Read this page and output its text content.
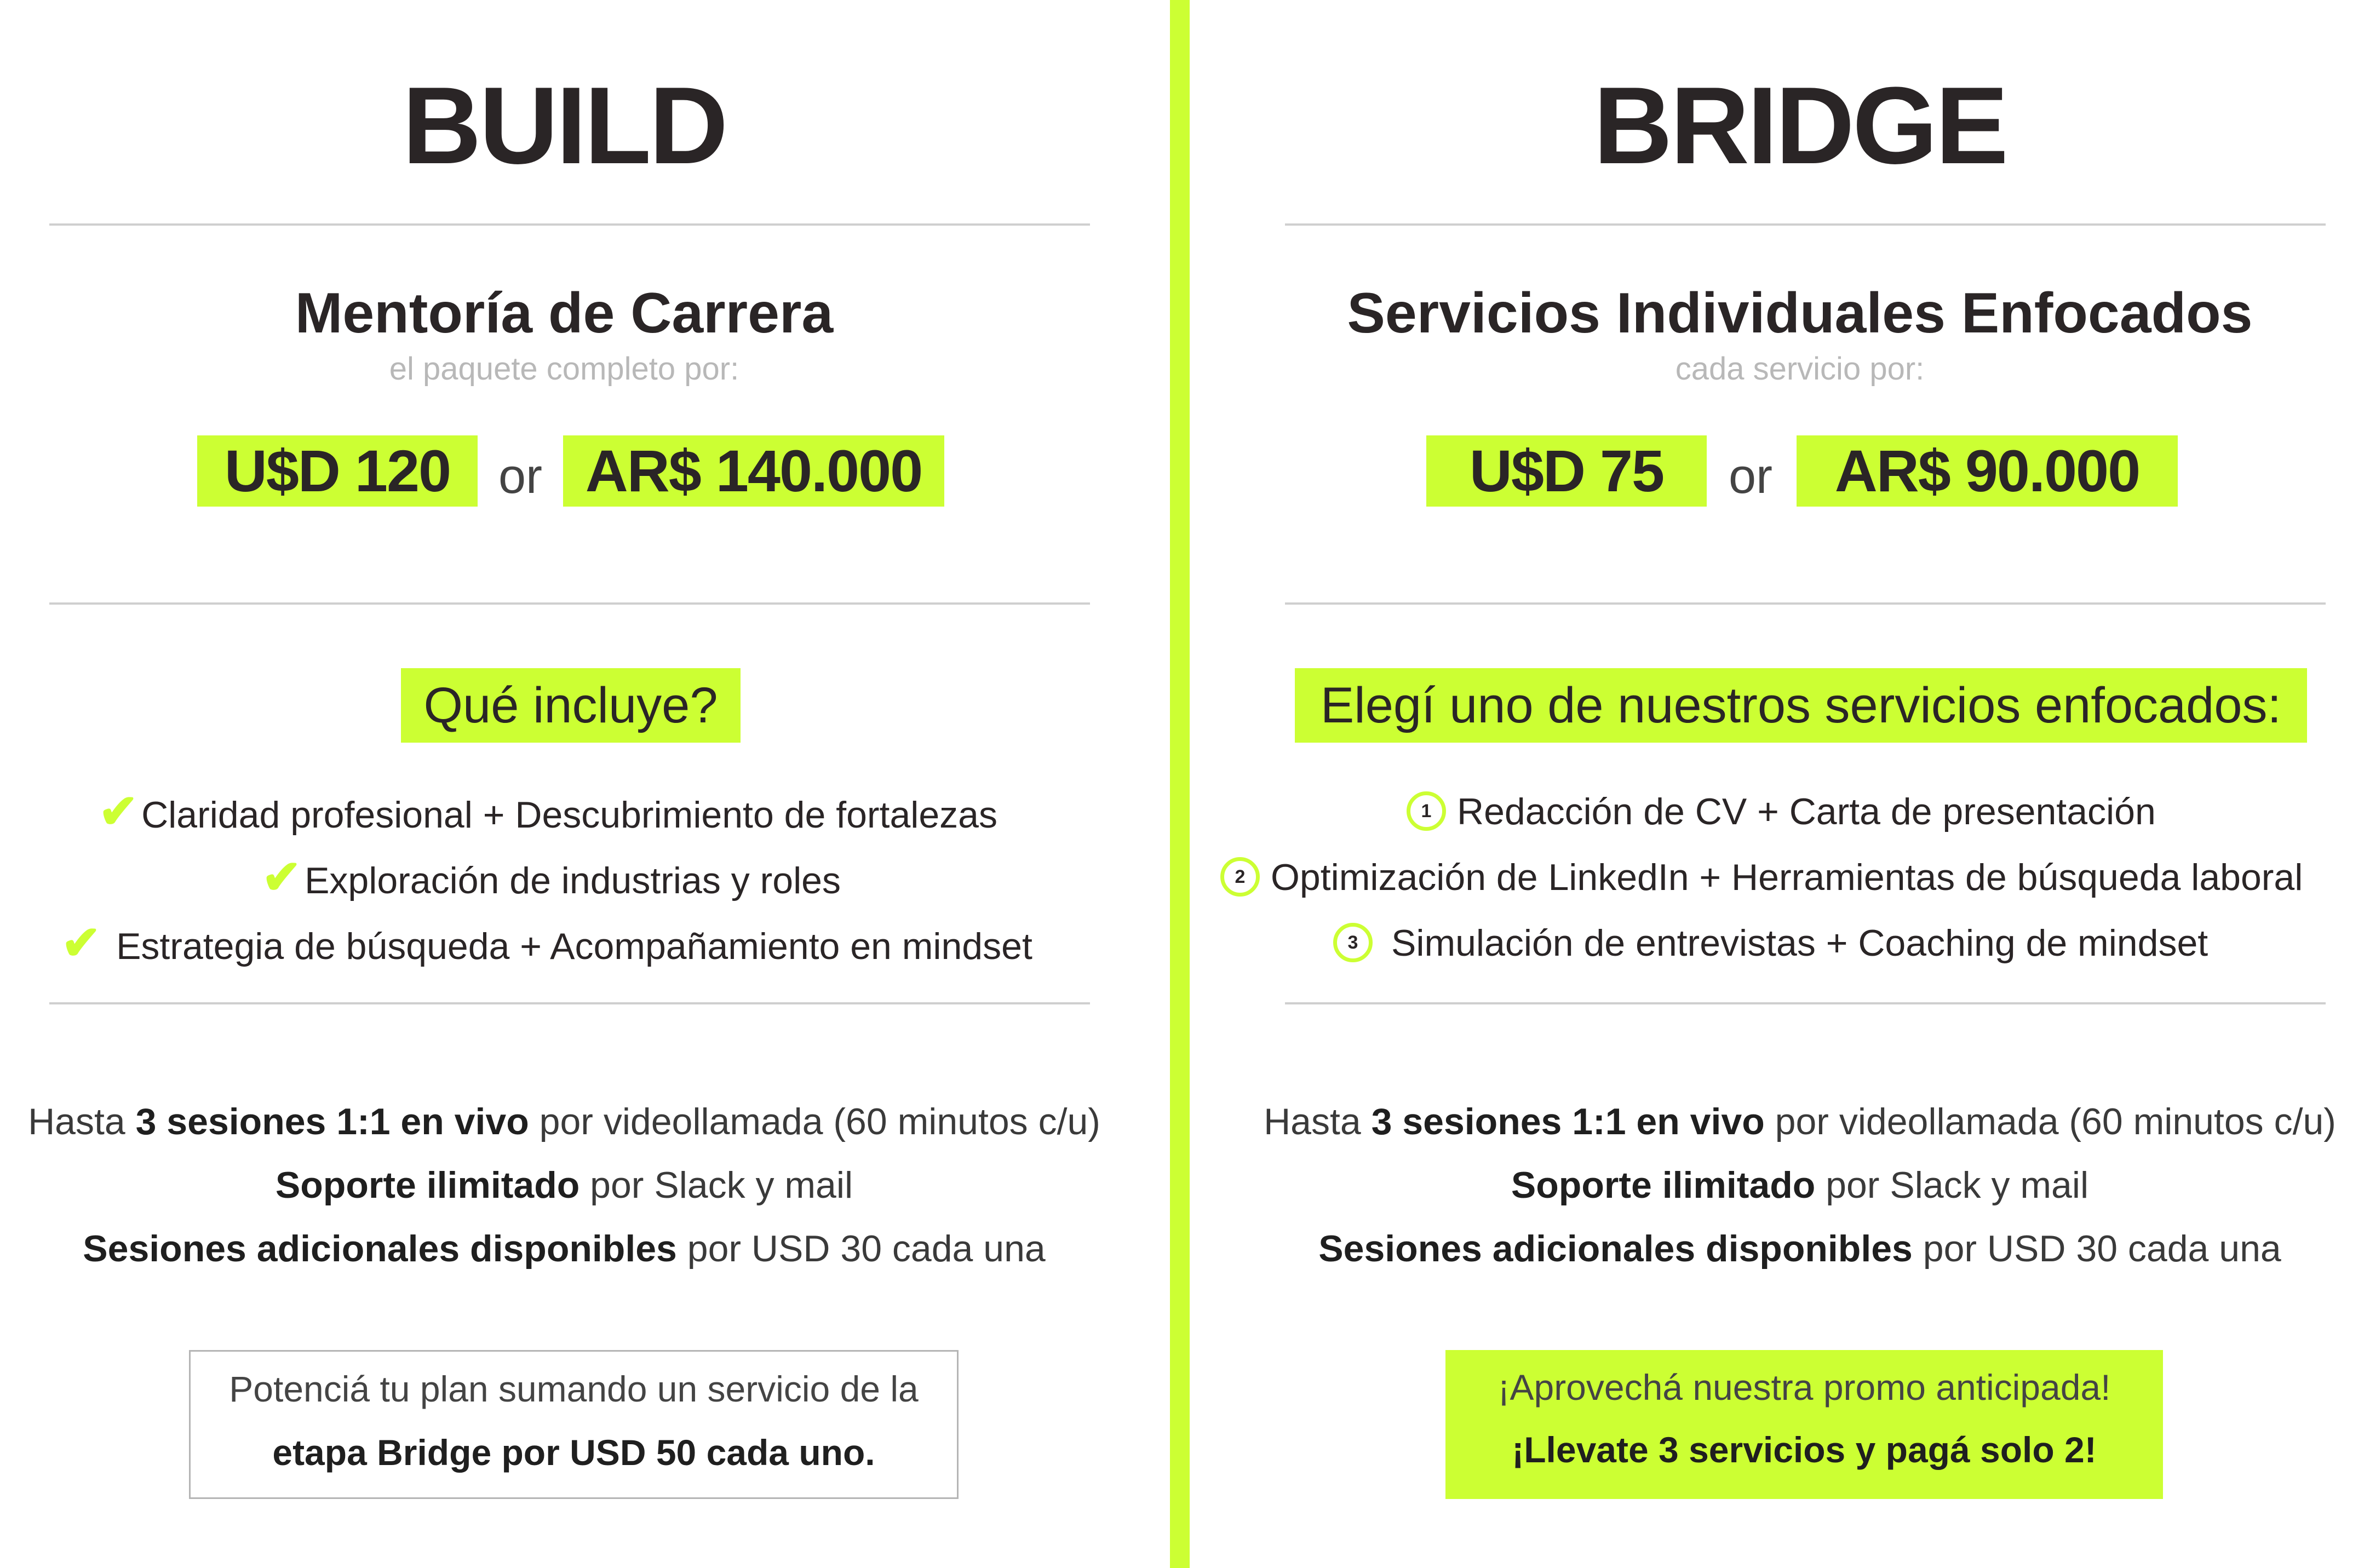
BUILD
Mentoría de Carrera
el paquete completo por:
U$D 120 or AR$ 140.000
Qué incluye?
✔Claridad profesional + Descubrimiento de fortalezas
✔Exploración de industrias y roles
✔ Estrategia de búsqueda + Acompañamiento en mindset
Hasta 3 sesiones 1:1 en vivo por videollamada (60 minutos c/u)
Soporte ilimitado por Slack y mail
Sesiones adicionales disponibles por USD 30 cada una
Potenciá tu plan sumando un servicio de la
etapa Bridge por USD 50 cada uno.
BRIDGE
Servicios Individuales Enfocados
cada servicio por:
U$D 75	or	AR$ 90.000
Elegí uno de nuestros servicios enfocados:
1 Redacción de CV + Carta de presentación
2 Optimización de LinkedIn + Herramientas de búsqueda laboral
3 Simulación de entrevistas + Coaching de mindset
Hasta 3 sesiones 1:1 en vivo por videollamada (60 minutos c/u)
Soporte ilimitado por Slack y mail
Sesiones adicionales disponibles por USD 30 cada una
¡Aprovechá nuestra promo anticipada!
¡Llevate 3 servicios y pagá solo 2!
